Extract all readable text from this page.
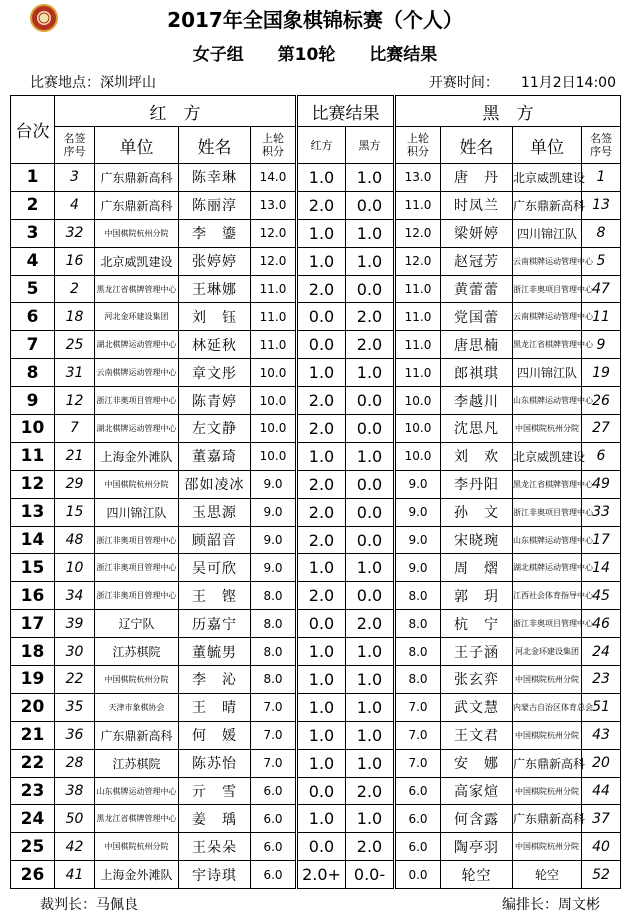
2017年全国象棋锦标赛（个人）
女子组 第10轮 比赛结果
比赛地点：深圳坪山	开赛时间： 11月2日14:00
台次	红　方				比赛结果		黑　方			

	名签序号	单位	姓名	上轮积分	红方	黑方	上轮积分	姓名	单位	名签序号

1	3	广东鼎新高科	陈幸琳	14.0	1.0	1.0	13.0	唐　丹	北京威凯建设	1
2	4	广东鼎新高科	陈丽淳	13.0	2.0	0.0	11.0	时凤兰	广东鼎新高科	13
3	32	中国棋院杭州分院	李　鎏	12.0	1.0	1.0	12.0	梁妍婷	四川锦江队	8
4	16	北京威凯建设	张婷婷	12.0	1.0	1.0	12.0	赵冠芳	云南棋牌运动管理中心	5
5	2	黑龙江省棋牌管理中心	王琳娜	11.0	2.0	0.0	11.0	黄蕾蕾	浙江非奥项目管理中心	47
6	18	河北金环建设集团	刘　钰	11.0	0.0	2.0	11.0	党国蕾	云南棋牌运动管理中心	11
7	25	湖北棋牌运动管理中心	林延秋	11.0	0.0	2.0	11.0	唐思楠	黑龙江省棋牌管理中心	9
8	31	云南棋牌运动管理中心	章文彤	10.0	1.0	1.0	11.0	郎祺琪	四川锦江队	19
9	12	浙江非奥项目管理中心	陈青婷	10.0	2.0	0.0	10.0	李越川	山东棋牌运动管理中心	26
10	7	湖北棋牌运动管理中心	左文静	10.0	2.0	0.0	10.0	沈思凡	中国棋院杭州分院	27
11	21	上海金外滩队	董嘉琦	10.0	1.0	1.0	10.0	刘　欢	北京威凯建设	6
12	29	中国棋院杭州分院	邵如凌冰	9.0	2.0	0.0	9.0	李丹阳	黑龙江省棋牌管理中心	49
13	15	四川锦江队	玉思源	9.0	2.0	0.0	9.0	孙　文	浙江非奥项目管理中心	33
14	48	浙江非奥项目管理中心	顾韶音	9.0	2.0	0.0	9.0	宋晓琬	山东棋牌运动管理中心	17
15	10	浙江非奥项目管理中心	吴可欣	9.0	1.0	1.0	9.0	周　熠	湖北棋牌运动管理中心	14
16	34	浙江非奥项目管理中心	王　铿	8.0	2.0	0.0	8.0	郭　玥	江西社会体育指导中心	45
17	39	辽宁队	历嘉宁	8.0	0.0	2.0	8.0	杭　宁	浙江非奥项目管理中心	46
18	30	江苏棋院	董毓男	8.0	1.0	1.0	8.0	王子涵	河北金环建设集团	24
19	22	中国棋院杭州分院	李　沁	8.0	1.0	1.0	8.0	张玄弈	中国棋院杭州分院	23
20	35	天津市象棋协会	王　晴	7.0	1.0	1.0	7.0	武文慧	内蒙古自治区体育总会	51
21	36	广东鼎新高科	何　媛	7.0	1.0	1.0	7.0	王文君	中国棋院杭州分院	43
22	28	江苏棋院	陈苏怡	7.0	1.0	1.0	7.0	安　娜	广东鼎新高科	20
23	38	山东棋牌运动管理中心	亓　雪	6.0	0.0	2.0	6.0	高家煊	中国棋院杭州分院	44
24	50	黑龙江省棋牌管理中心	姜　瑀	6.0	1.0	1.0	6.0	何含露	广东鼎新高科	37
25	42	中国棋院杭州分院	王朵朵	6.0	0.0	2.0	6.0	陶亭羽	中国棋院杭州分院	40
26	41	上海金外滩队	宇诗琪	6.0	2.0+	0.0-	0.0	轮空	轮空	52
裁判长：马佩良	编排长：周文彬
